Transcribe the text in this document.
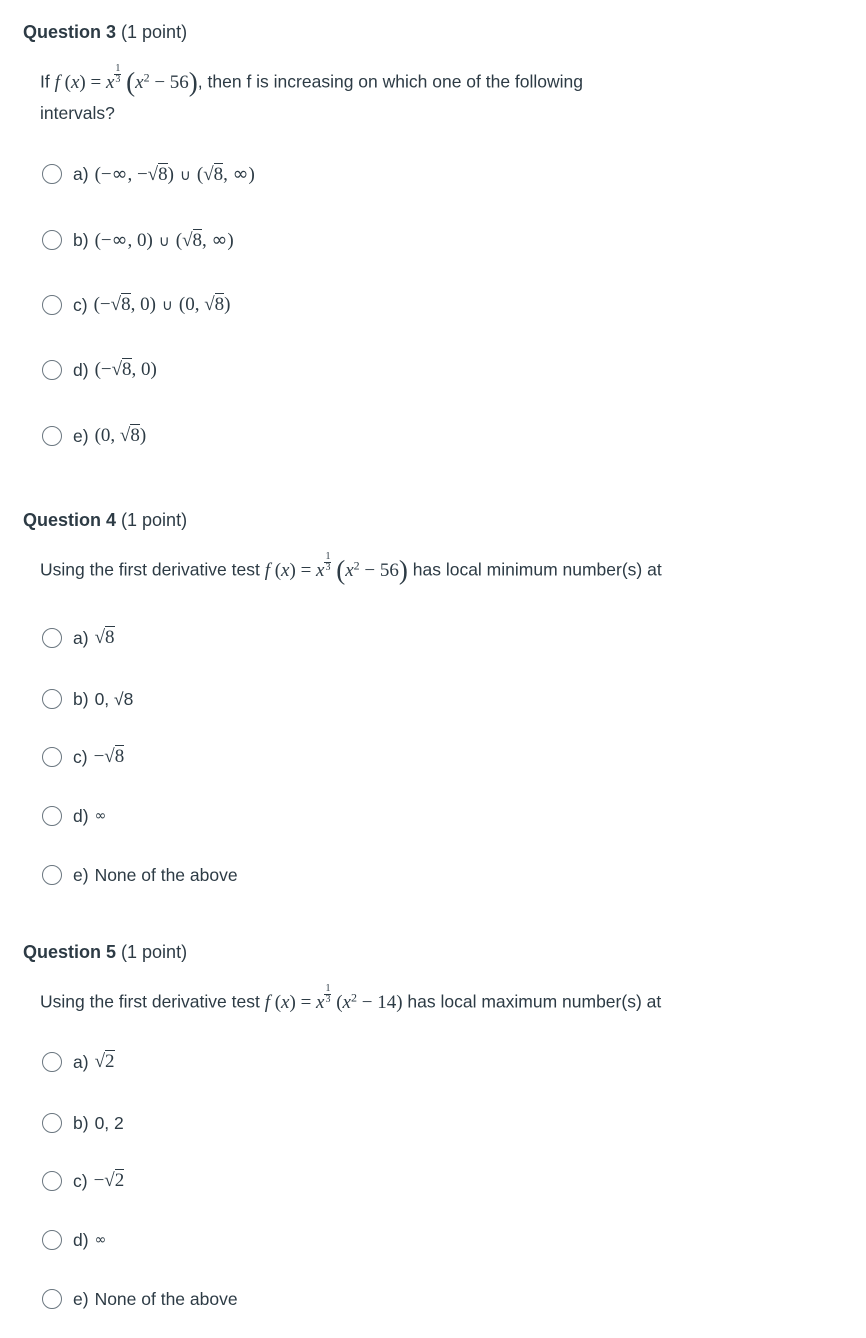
Question 3 (1 point)
If f (x) = x $\frac{1}{3} (x^2 - 56)$, then f is increasing on which one of the following
intervals?
a) (−∞, −√8) ∪ (√8, ∞)
b) (−∞, 0) ∪ (√8, ∞)
c) (−√8, 0) ∪ (0, √8)
d) (−√8, 0)
e) (0, √8)
Question 4 (1 point)
Using the first derivative test f (x) = x $\frac{1}{3} (x^2 - 56)$ has local minimum number(s) at
a) √8
b) 0, √8
c) −√8
d) ∞
e) None of the above
Question 5 (1 point)
Using the first derivative test f (x) = x $\frac{1}{3} (x^2 - 14)$ has local maximum number(s) at
a) √2
b) 0, 2
c) −√2
d) ∞
e) None of the above
